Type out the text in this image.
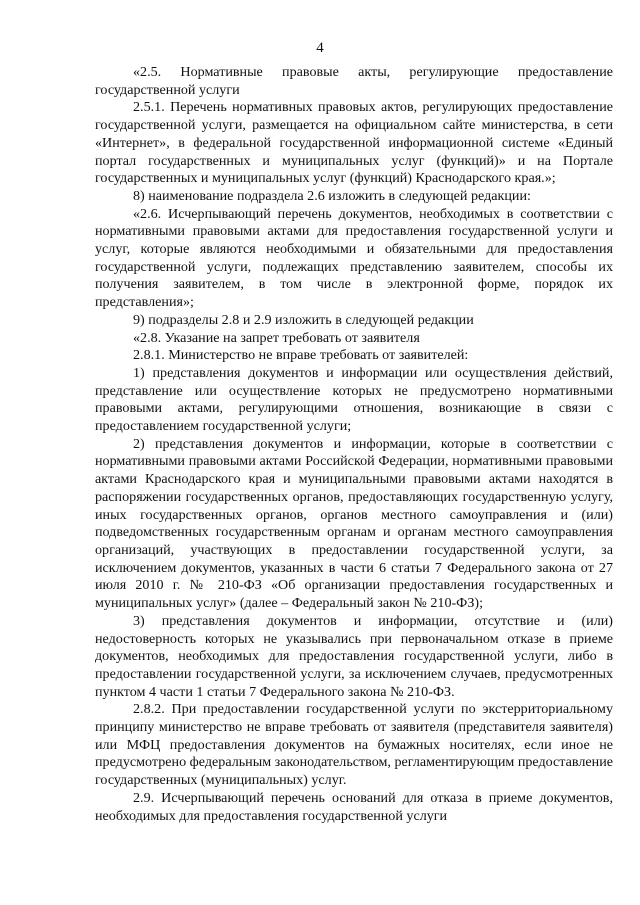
4

«2.5. Нормативные правовые акты, регулирующие предоставление государственной услуги

2.5.1. Перечень нормативных правовых актов, регулирующих предоставление государственной услуги, размещается на официальном сайте министерства, в сети «Интернет», в федеральной государственной информационной системе «Единый портал государственных и муниципальных услуг (функций)» и на Портале государственных и муниципальных услуг (функций) Краснодарского края.»;

8) наименование подраздела 2.6 изложить в следующей редакции:

«2.6. Исчерпывающий перечень документов, необходимых в соответствии с нормативными правовыми актами для предоставления государственной услуги и услуг, которые являются необходимыми и обязательными для предоставления государственной услуги, подлежащих представлению заявителем, способы их получения заявителем, в том числе в электронной форме, порядок их представления»;

9) подразделы 2.8 и 2.9 изложить в следующей редакции

«2.8. Указание на запрет требовать от заявителя

2.8.1. Министерство не вправе требовать от заявителей:

1) представления документов и информации или осуществления действий, представление или осуществление которых не предусмотрено нормативными правовыми актами, регулирующими отношения, возникающие в связи с предоставлением государственной услуги;

2) представления документов и информации, которые в соответствии с нормативными правовыми актами Российской Федерации, нормативными правовыми актами Краснодарского края и муниципальными правовыми актами находятся в распоряжении государственных органов, предоставляющих государственную услугу, иных государственных органов, органов местного самоуправления и (или) подведомственных государственным органам и органам местного самоуправления организаций, участвующих в предоставлении государственной услуги, за исключением документов, указанных в части 6 статьи 7 Федерального закона от 27 июля 2010 г. № 210-ФЗ «Об организации предоставления государственных и муниципальных услуг» (далее – Федеральный закон № 210-ФЗ);

3) представления документов и информации, отсутствие и (или) недостоверность которых не указывались при первоначальном отказе в приеме документов, необходимых для предоставления государственной услуги, либо в предоставлении государственной услуги, за исключением случаев, предусмотренных пунктом 4 части 1 статьи 7 Федерального закона № 210-ФЗ.

2.8.2. При предоставлении государственной услуги по экстерриториальному принципу министерство не вправе требовать от заявителя (представителя заявителя) или МФЦ предоставления документов на бумажных носителях, если иное не предусмотрено федеральным законодательством, регламентирующим предоставление государственных (муниципальных) услуг.

2.9. Исчерпывающий перечень оснований для отказа в приеме документов, необходимых для предоставления государственной услуги
